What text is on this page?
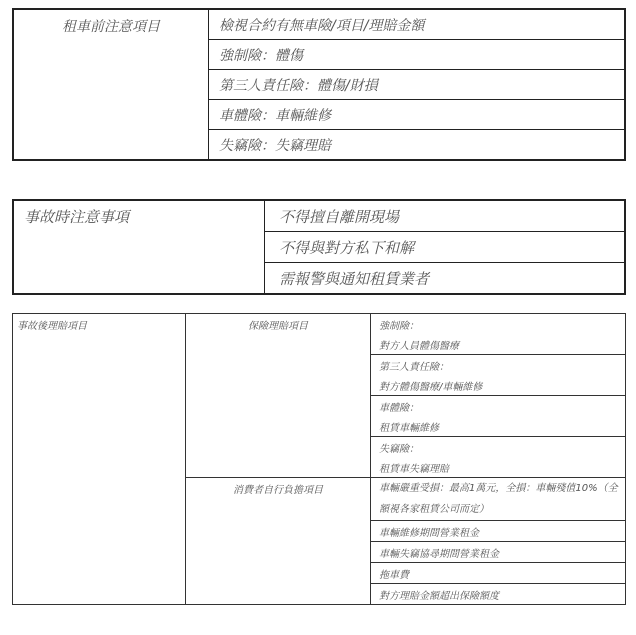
租車前注意項目	檢視合約有無車險/項目/理賠金額
強制險：體傷
第三人責任險：體傷/財損
車體險：車輛維修
失竊險：失竊理賠
事故時注意事項	不得擅自離開現場
不得與對方私下和解
需報警與通知租賃業者
事故後理賠項目	保險理賠項目	強制險：
		對方人員體傷醫療
		第三人責任險：
		對方體傷醫療/車輛維修
		車體險：
		租賃車輛維修
		失竊險：
		租賃車失竊理賠
	消費者自行負擔項目	車輛嚴重受損：最高1萬元，全損：車輛殘值10%（全額視各家租賃公司而定）

		車輛維修期間營業租金
		車輛失竊協尋期間營業租金
		拖車費
		對方理賠金額超出保險額度
